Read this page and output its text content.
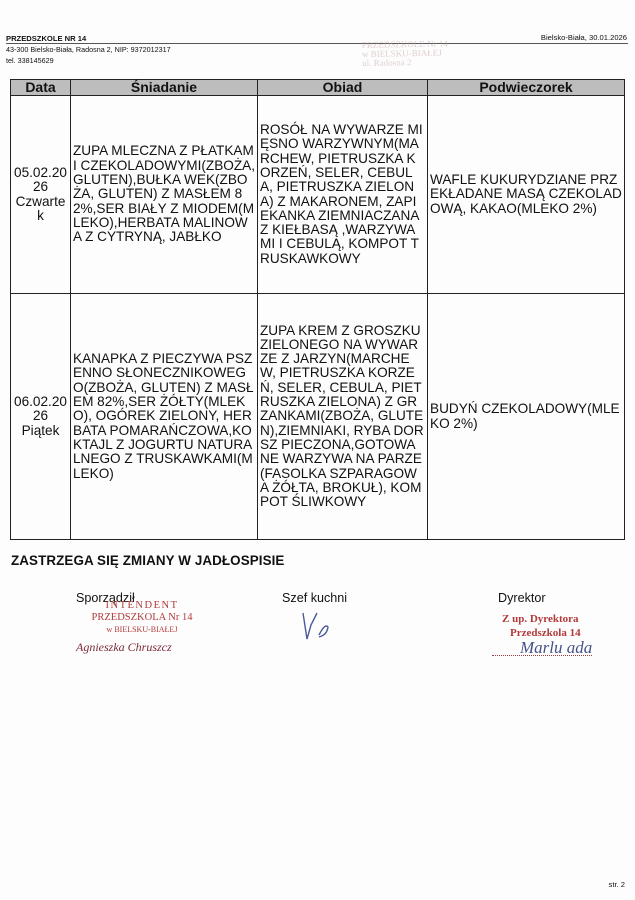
PRZEDSZKOLE NR 14
43-300 Bielsko-Biała, Radosna 2, NIP: 9372012317
tel. 338145629
Bielsko-Biała, 30.01.2026
PRZEDSZKOLE Nr 14
w BIELSKU-BIAŁEJ
ul. Radosna 2
Data	Śniadanie	Obiad	Podwieczorek

05.02.2026
Czwartek	ZUPA MLECZNA Z PŁATKAMI CZEKOLADOWYMI(ZBOŻA, GLUTEN),BUŁKA WEK(ZBOŻA, GLUTEN) Z MASŁEM 82%,SER BIAŁY Z MIODEM(MLEKO),HERBATA MALINOWA Z CYTRYNĄ, JABŁKO	ROSÓŁ NA WYWARZE MIĘSNO WARZYWNYM(MARCHEW, PIETRUSZKA KORZEŃ, SELER, CEBULA, PIETRUSZKA ZIELONA) Z MAKARONEM, ZAPIEKANKA ZIEMNIACZANA Z KIEŁBASĄ ,WARZYWAMI I CEBULĄ, KOMPOT TRUSKAWKOWY	WAFLE KUKURYDZIANE PRZEKŁADANE MASĄ CZEKOLADOWĄ, KAKAO(MLEKO 2%)

06.02.2026
Piątek	KANAPKA Z PIECZYWA PSZENNO SŁONECZNIKOWEGO(ZBOŻA, GLUTEN) Z MASŁEM 82%,SER ŻÓŁTY(MLEKO), OGÓREK ZIELONY, HERBATA POMARAŃCZOWA,KOKTAJL Z JOGURTU NATURALNEGO Z TRUSKAWKAMI(MLEKO)	ZUPA KREM Z GROSZKU ZIELONEGO NA WYWARZE Z JARZYN(MARCHEW, PIETRUSZKA KORZEŃ, SELER, CEBULA, PIETRUSZKA ZIELONA) Z GRZANKAMI(ZBOŻA, GLUTEN),ZIEMNIAKI, RYBA DORSZ PIECZONA,GOTOWANE WARZYWA NA PARZE(FASOLKA SZPARAGOWA ŻÓŁTA, BROKUŁ), KOMPOT ŚLIWKOWY	BUDYŃ CZEKOLADOWY(MLEKO 2%)
ZASTRZEGA SIĘ ZMIANY W JADŁOSPISIE
Sporządził	Szef kuchni	Dyrektor
INTENDENT
PRZEDSZKOLA Nr 14
w BIELSKU-BIAŁEJ
Agnieszka Chruszcz
Z up. Dyrektora
Przedszkola 14
Marlu ada
str. 2
